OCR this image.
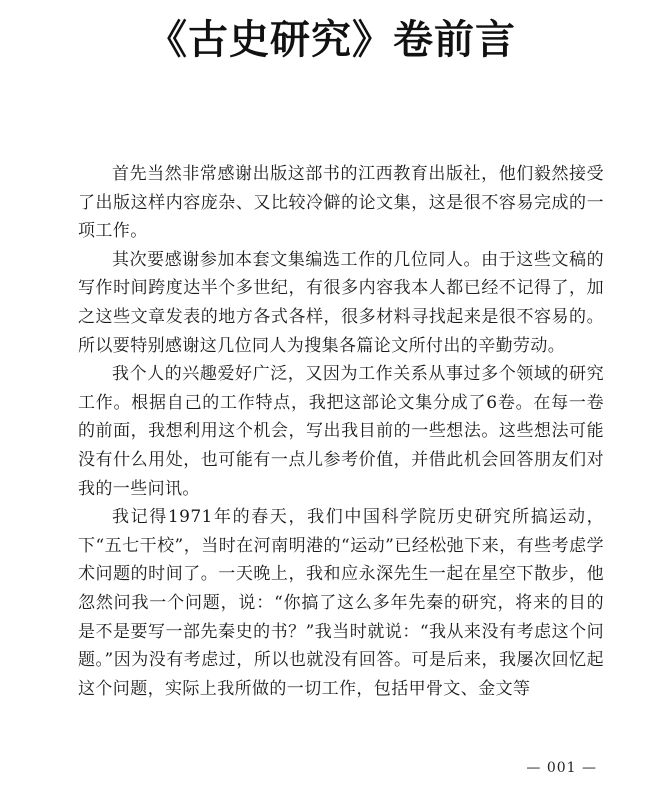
《古史研究》卷前言

首先当然非常感谢出版这部书的江西教育出版社，他们毅然接受了出版这样内容庞杂、又比较冷僻的论文集，这是很不容易完成的一项工作。

其次要感谢参加本套文集编选工作的几位同人。由于这些文稿的写作时间跨度达半个多世纪，有很多内容我本人都已经不记得了，加之这些文章发表的地方各式各样，很多材料寻找起来是很不容易的。所以要特别感谢这几位同人为搜集各篇论文所付出的辛勤劳动。

我个人的兴趣爱好广泛，又因为工作关系从事过多个领域的研究工作。根据自己的工作特点，我把这部论文集分成了6卷。在每一卷的前面，我想利用这个机会，写出我目前的一些想法。这些想法可能没有什么用处，也可能有一点儿参考价值，并借此机会回答朋友们对我的一些问讯。

我记得1971年的春天，我们中国科学院历史研究所搞运动，下“五七干校”，当时在河南明港的“运动”已经松弛下来，有些考虑学术问题的时间了。一天晚上，我和应永深先生一起在星空下散步，他忽然问我一个问题，说：“你搞了这么多年先秦的研究，将来的目的是不是要写一部先秦史的书？”我当时就说：“我从来没有考虑这个问题。”因为没有考虑过，所以也就没有回答。可是后来，我屡次回忆起这个问题，实际上我所做的一切工作，包括甲骨文、金文等

— 001 —
